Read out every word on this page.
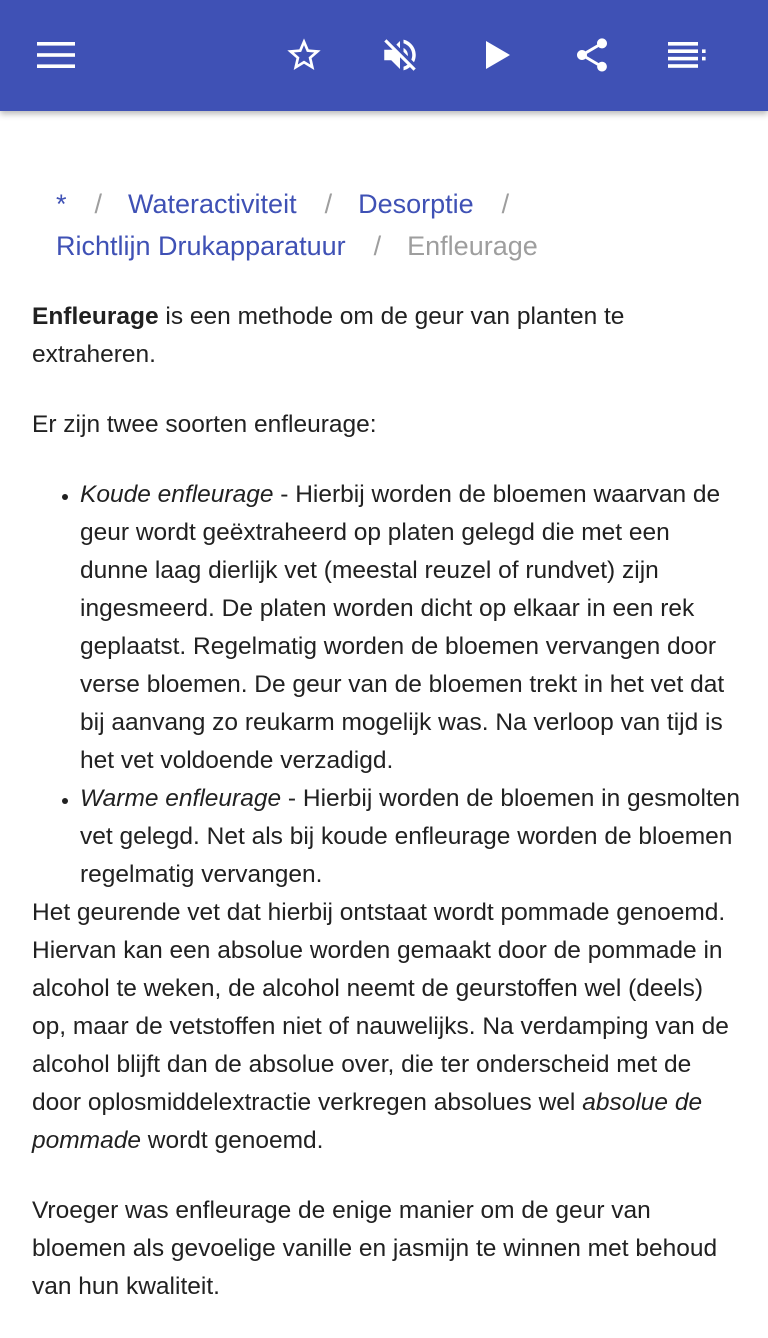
* / Wateractiviteit / Desorptie /
Richtlijn Drukapparatuur / Enfleurage

Enfleurage is een methode om de geur van planten te extraheren.

Er zijn twee soorten enfleurage:

• Koude enfleurage - Hierbij worden de bloemen waarvan de geur wordt geëxtraheerd op platen gelegd die met een dunne laag dierlijk vet (meestal reuzel of rundvet) zijn ingesmeerd. De platen worden dicht op elkaar in een rek geplaatst. Regelmatig worden de bloemen vervangen door verse bloemen. De geur van de bloemen trekt in het vet dat bij aanvang zo reukarm mogelijk was. Na verloop van tijd is het vet voldoende verzadigd.
• Warme enfleurage - Hierbij worden de bloemen in gesmolten vet gelegd. Net als bij koude enfleurage worden de bloemen regelmatig vervangen.

Het geurende vet dat hierbij ontstaat wordt pommade genoemd. Hiervan kan een absolue worden gemaakt door de pommade in alcohol te weken, de alcohol neemt de geurstoffen wel (deels) op, maar de vetstoffen niet of nauwelijks. Na verdamping van de alcohol blijft dan de absolue over, die ter onderscheid met de door oplosmiddelextractie verkregen absolues wel absolue de pommade wordt genoemd.

Vroeger was enfleurage de enige manier om de geur van bloemen als gevoelige vanille en jasmijn te winnen met behoud van hun kwaliteit.
